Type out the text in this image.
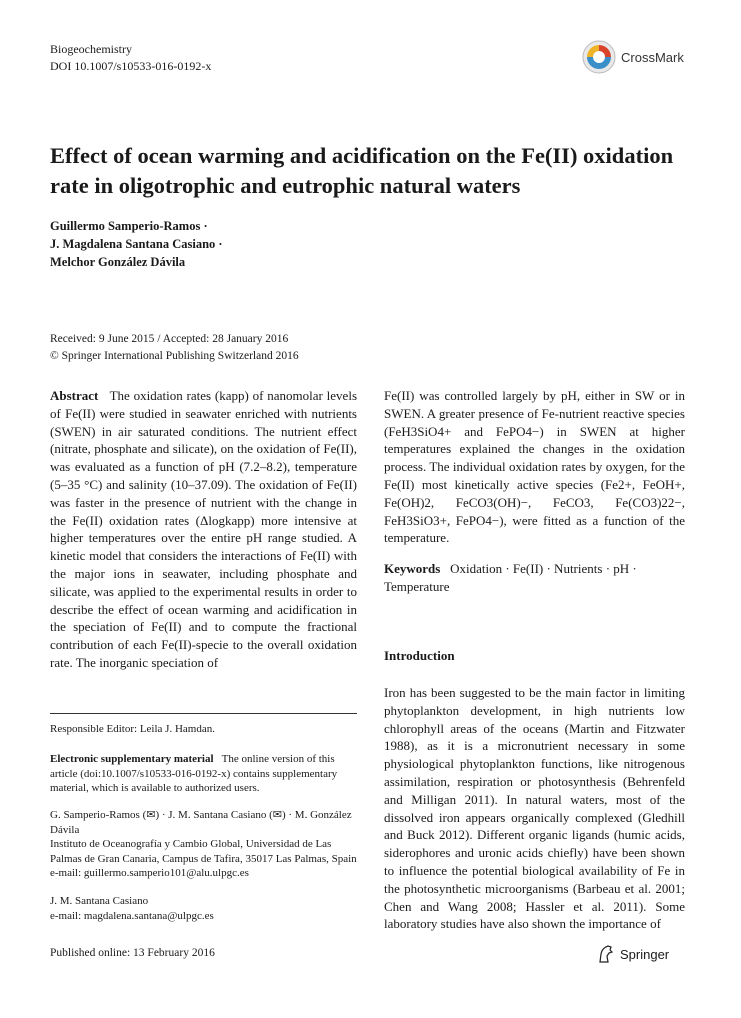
Biogeochemistry
DOI 10.1007/s10533-016-0192-x
CrossMark
Effect of ocean warming and acidification on the Fe(II) oxidation rate in oligotrophic and eutrophic natural waters
Guillermo Samperio-Ramos ·
J. Magdalena Santana Casiano ·
Melchor González Dávila
Received: 9 June 2015 / Accepted: 28 January 2016
© Springer International Publishing Switzerland 2016
Abstract The oxidation rates (kapp) of nanomolar levels of Fe(II) were studied in seawater enriched with nutrients (SWEN) in air saturated conditions. The nutrient effect (nitrate, phosphate and silicate), on the oxidation of Fe(II), was evaluated as a function of pH (7.2–8.2), temperature (5–35 °C) and salinity (10–37.09). The oxidation of Fe(II) was faster in the presence of nutrient with the change in the Fe(II) oxidation rates (Δlogkapp) more intensive at higher temperatures over the entire pH range studied. A kinetic model that considers the interactions of Fe(II) with the major ions in seawater, including phosphate and silicate, was applied to the experimental results in order to describe the effect of ocean warming and acidification in the speciation of Fe(II) and to compute the fractional contribution of each Fe(II)-specie to the overall oxidation rate. The inorganic speciation of
Fe(II) was controlled largely by pH, either in SW or in SWEN. A greater presence of Fe-nutrient reactive species (FeH3SiO4+ and FePO4−) in SWEN at higher temperatures explained the changes in the oxidation process. The individual oxidation rates by oxygen, for the Fe(II) most kinetically active species (Fe2+, FeOH+, Fe(OH)2, FeCO3(OH)−, FeCO3, Fe(CO3)22−, FeH3SiO3+, FePO4−), were fitted as a function of the temperature.
Keywords Oxidation · Fe(II) · Nutrients · pH · Temperature
Introduction
Iron has been suggested to be the main factor in limiting phytoplankton development, in high nutrients low chlorophyll areas of the oceans (Martin and Fitzwater 1988), as it is a micronutrient necessary in some physiological phytoplankton functions, like nitrogenous assimilation, respiration or photosynthesis (Behrenfeld and Milligan 2011). In natural waters, most of the dissolved iron appears organically complexed (Gledhill and Buck 2012). Different organic ligands (humic acids, siderophores and uronic acids chiefly) have been shown to influence the potential biological availability of Fe in the photosynthetic microorganisms (Barbeau et al. 2001; Chen and Wang 2008; Hassler et al. 2011). Some laboratory studies have also shown the importance of
Responsible Editor: Leila J. Hamdan.
Electronic supplementary material The online version of this article (doi:10.1007/s10533-016-0192-x) contains supplementary material, which is available to authorized users.
G. Samperio-Ramos (✉) · J. M. Santana Casiano (✉) · M. González Dávila
Instituto de Oceanografía y Cambio Global, Universidad de Las Palmas de Gran Canaria, Campus de Tafira, 35017 Las Palmas, Spain
e-mail: guillermo.samperio101@alu.ulpgc.es
J. M. Santana Casiano
e-mail: magdalena.santana@ulpgc.es
Published online: 13 February 2016	Springer
